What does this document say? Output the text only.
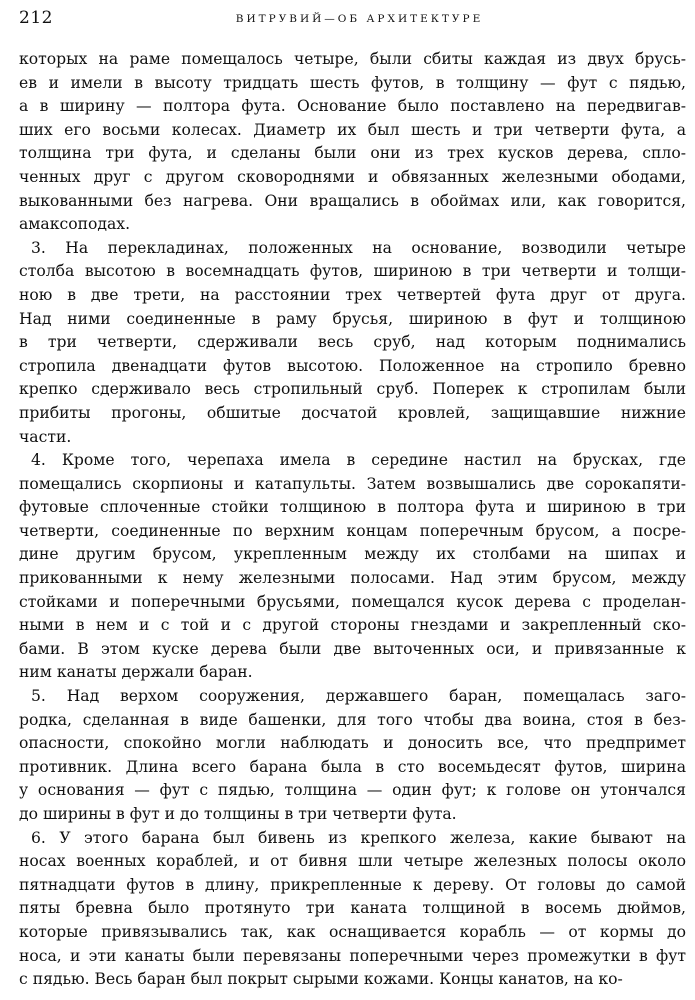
212	ВИТРУВИЙ—ОБ АРХИТЕКТУРЕ
которых на раме помещалось четыре, были сбиты каждая из двух брусь-
ев и имели в высоту тридцать шесть футов, в толщину — фут с пядью,
а в ширину — полтора фута. Основание было поставлено на передвигав-
ших его восьми колесах. Диаметр их был шесть и три четверти фута, а
толщина три фута, и сделаны были они из трех кусков дерева, спло-
ченных друг с другом сковороднями и обвязанных железными ободами,
выкованными без нагрева. Они вращались в обоймах или, как говорится,
амаксоподах.
3. На перекладинах, положенных на основание, возводили четыре
столба высотою в восемнадцать футов, шириною в три четверти и толщи-
ною в две трети, на расстоянии трех четвертей фута друг от друга.
Над ними соединенные в раму брусья, шириною в фут и толщиною
в три четверти, сдерживали весь сруб, над которым поднимались
стропила двенадцати футов высотою. Положенное на стропило бревно
крепко сдерживало весь стропильный сруб. Поперек к стропилам были
прибиты прогоны, обшитые досчатой кровлей, защищавшие нижние
части.
4. Кроме того, черепаха имела в середине настил на брусках, где
помещались скорпионы и катапульты. Затем возвышались две сорокапяти-
футовые сплоченные стойки толщиною в полтора фута и шириною в три
четверти, соединенные по верхним концам поперечным брусом, а посре-
дине другим брусом, укрепленным между их столбами на шипах и
прикованными к нему железными полосами. Над этим брусом, между
стойками и поперечными брусьями, помещался кусок дерева с проделан-
ными в нем и с той и с другой стороны гнездами и закрепленный ско-
бами. В этом куске дерева были две выточенных оси, и привязанные к
ним канаты держали баран.
5. Над верхом сооружения, державшего баран, помещалась заго-
родка, сделанная в виде башенки, для того чтобы два воина, стоя в без-
опасности, спокойно могли наблюдать и доносить все, что предпримет
противник. Длина всего барана была в сто восемьдесят футов, ширина
у основания — фут с пядью, толщина — один фут; к голове он утончался
до ширины в фут и до толщины в три четверти фута.
6. У этого барана был бивень из крепкого железа, какие бывают на
носах военных кораблей, и от бивня шли четыре железных полосы около
пятнадцати футов в длину, прикрепленные к дереву. От головы до самой
пяты бревна было протянуто три каната толщиной в восемь дюймов,
которые привязывались так, как оснащивается корабль — от кормы до
носа, и эти канаты были перевязаны поперечными через промежутки в фут
с пядью. Весь баран был покрыт сырыми кожами. Концы канатов, на ко-
